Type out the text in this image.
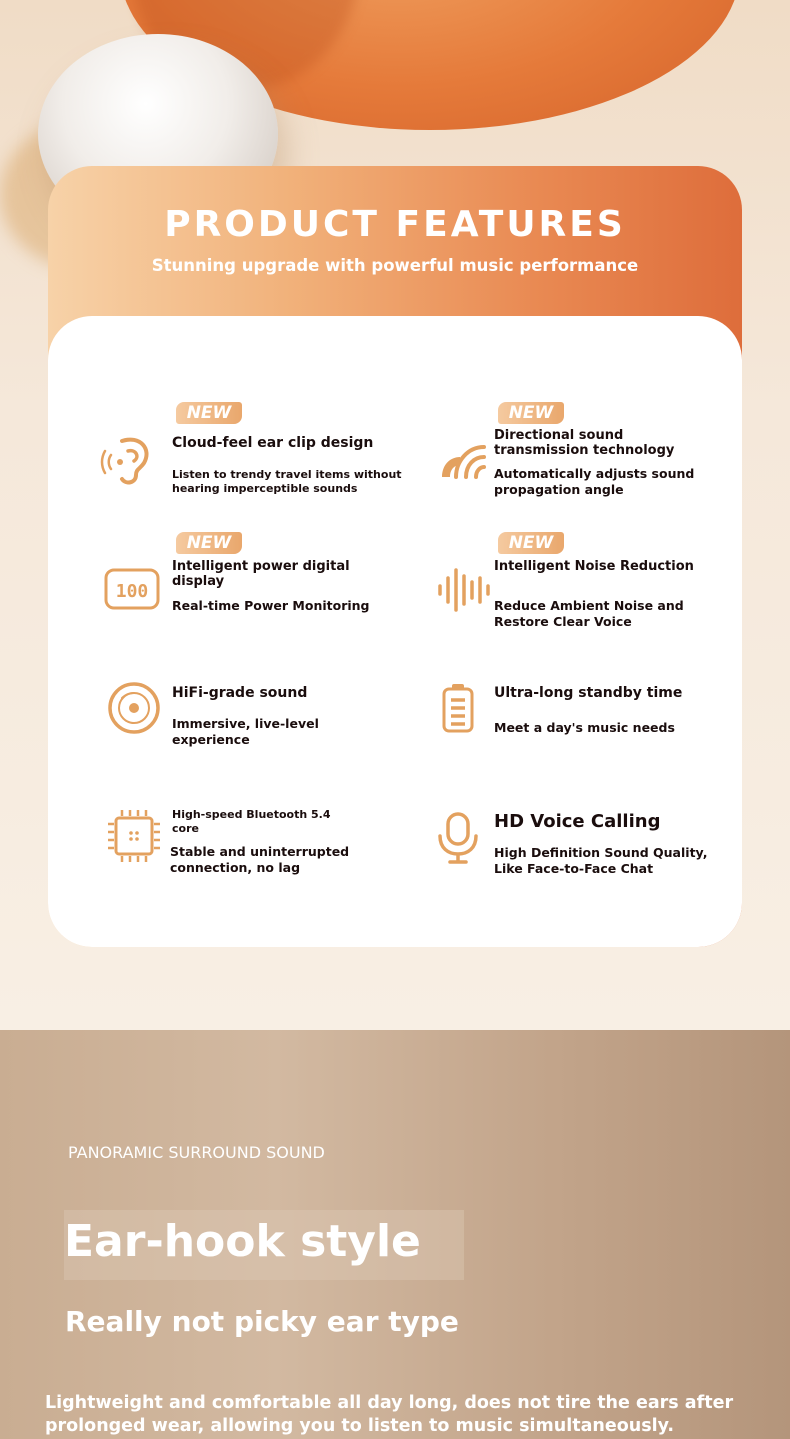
PRODUCT FEATURES
Stunning upgrade with powerful music performance
NEW
Cloud-feel ear clip design
Listen to trendy travel items without hearing imperceptible sounds
NEW
Directional sound transmission technology
Automatically adjusts sound propagation angle
NEW
100
Intelligent power digital display
Real-time Power Monitoring
NEW
Intelligent Noise Reduction
Reduce Ambient Noise and Restore Clear Voice
HiFi-grade sound
Immersive, live-level experience
Ultra-long standby time
Meet a day's music needs
High-speed Bluetooth 5.4 core
Stable and uninterrupted connection, no lag
HD Voice Calling
High Definition Sound Quality, Like Face-to-Face Chat
PANORAMIC SURROUND SOUND
Ear-hook style
Really not picky ear type
Lightweight and comfortable all day long, does not tire the ears after prolonged wear, allowing you to listen to music simultaneously.
